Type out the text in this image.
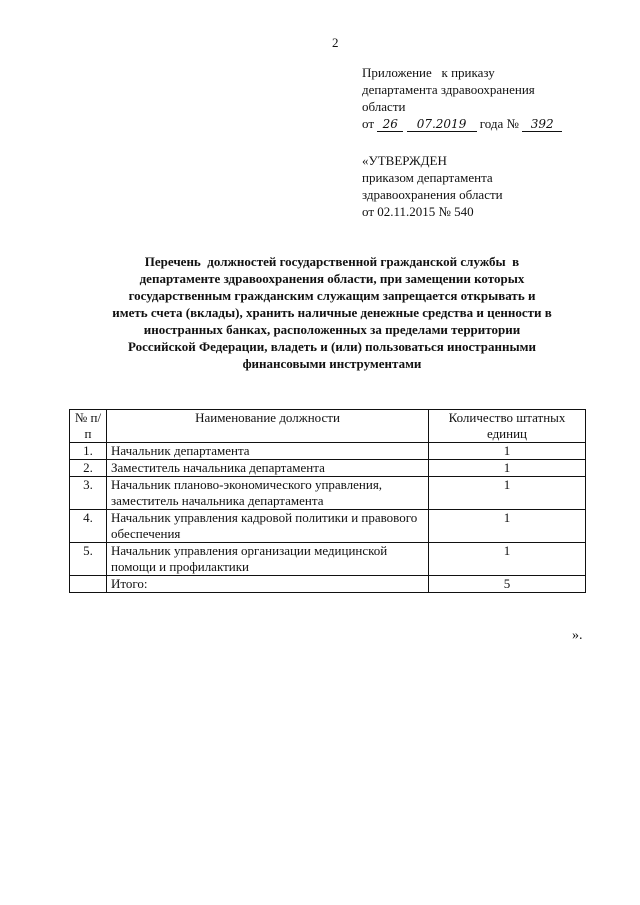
2
Приложение   к приказу
департамента здравоохранения
области
от 26 07.2019 года № 392
«УТВЕРЖДЕН
приказом департамента
здравоохранения области
от 02.11.2015 № 540
Перечень  должностей государственной гражданской службы  в
департаменте здравоохранения области, при замещении которых
государственным гражданским служащим запрещается открывать и
иметь счета (вклады), хранить наличные денежные средства и ценности в
иностранных банках, расположенных за пределами территории
Российской Федерации, владеть и (или) пользоваться иностранными
финансовыми инструментами
№ п/п	Наименование должности	Количество штатных единиц
1.	Начальник департамента	1
2.	Заместитель начальника департамента	1
3.	Начальник планово-экономического управления, заместитель начальника департамента	1
4.	Начальник управления кадровой политики и правового обеспечения	1
5.	Начальник управления организации медицинской помощи и профилактики	1
	Итого:	5
».
